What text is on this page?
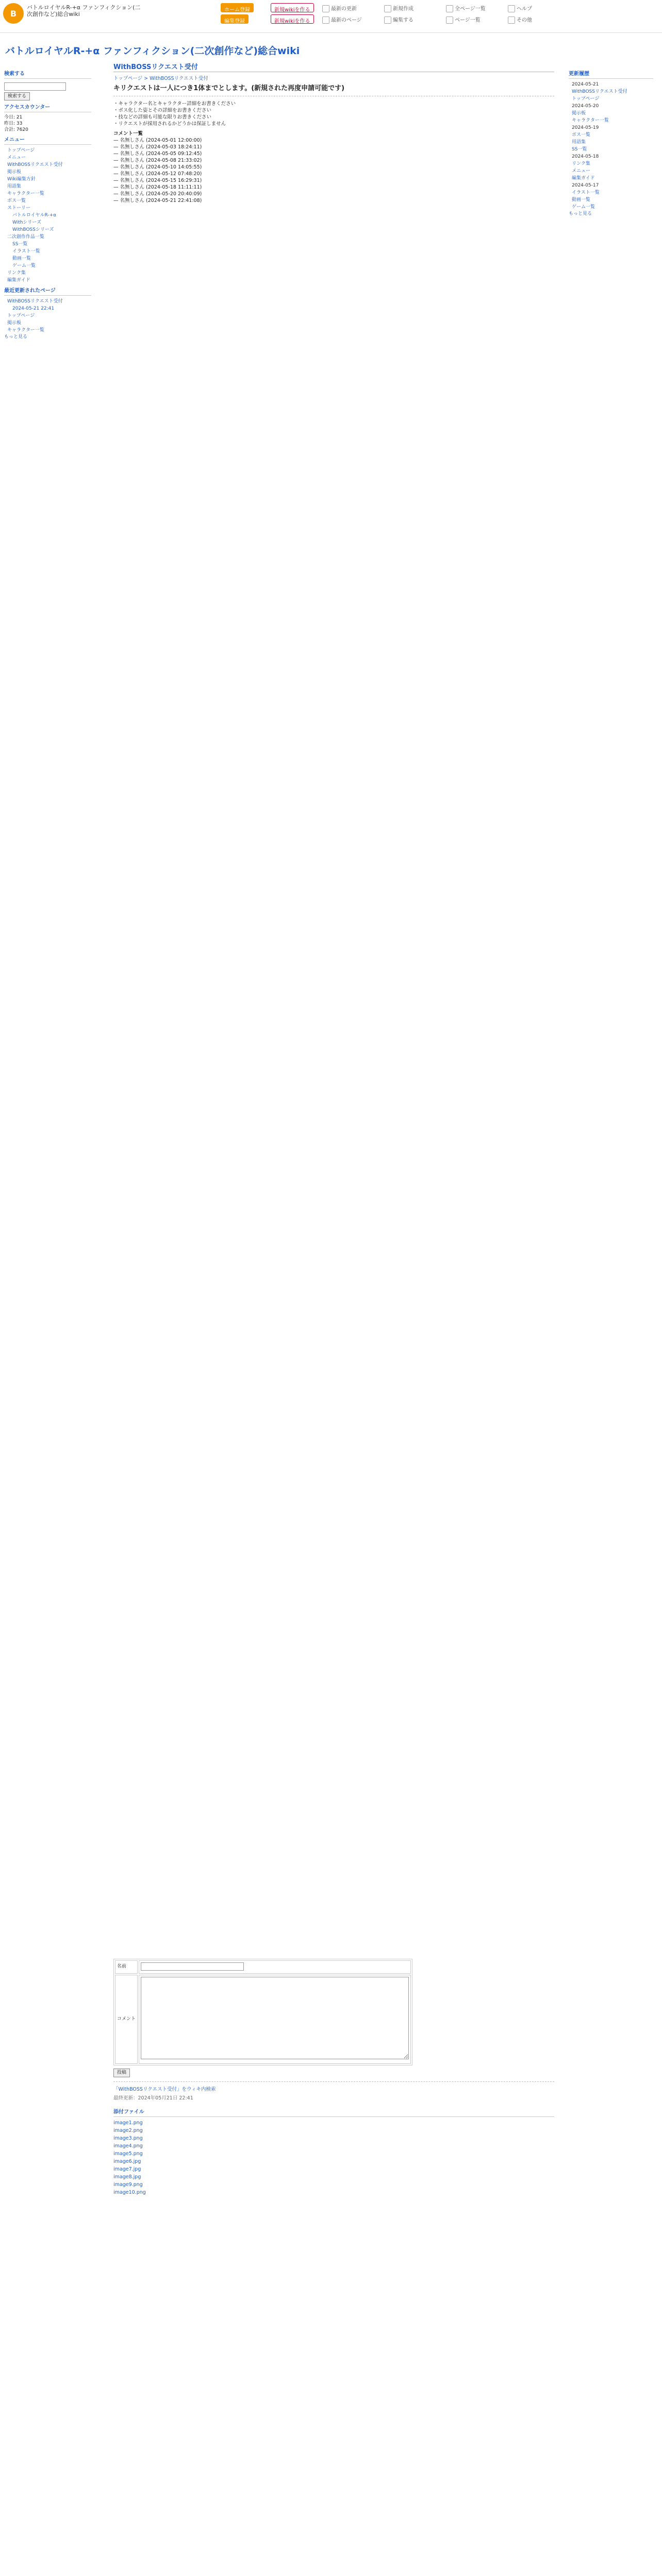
B
バトルロイヤルR-+α ファンフィクション(二次創作など)総合wiki
ホーム登録
編集登録
新規wikiを作る
新規wikiを作る
最新の更新
最新のページ
新規作成
編集する
全ページ一覧
ページ一覧
ヘルプ
その他
バトルロイヤルR-+α ファンフィクション(二次創作など)総合wiki
検索する
検索する
アクセスカウンター
今日: 21
昨日: 33
合計: 7620
メニュー
トップページ
メニュー
WithBOSSリクエスト受付
掲示板
Wiki編集方針
用語集
キャラクター一覧
ボス一覧
ストーリー
バトルロイヤルR-+α
Withシリーズ
WithBOSSシリーズ
二次創作作品一覧
SS一覧
イラスト一覧
動画一覧
ゲーム一覧
リンク集
編集ガイド
最近更新されたページ
WithBOSSリクエスト受付
2024-05-21 22:41
トップページ
掲示板
キャラクター一覧
もっと見る
WithBOSSリクエスト受付
トップページ > WithBOSSリクエスト受付
キリクエストは一人につき1体までとします。(新規された再度申請可能です)
・キャラクター名とキャラクター詳細をお書きください
・ボス化した姿とその詳細をお書きください
・技などの詳細も可能な限りお書きください
・リクエストが採用されるかどうかは保証しません
コメント一覧
— 名無しさん (2024-05-01 12:00:00)
— 名無しさん (2024-05-03 18:24:11)
— 名無しさん (2024-05-05 09:12:45)
— 名無しさん (2024-05-08 21:33:02)
— 名無しさん (2024-05-10 14:05:55)
— 名無しさん (2024-05-12 07:48:20)
— 名無しさん (2024-05-15 16:29:31)
— 名無しさん (2024-05-18 11:11:11)
— 名無しさん (2024-05-20 20:40:09)
— 名無しさん (2024-05-21 22:41:08)
名前	
コメント	
投稿
「WithBOSSリクエスト受付」をウィキ内検索
最終更新：2024年05月21日 22:41
添付ファイル
image1.png
image2.png
image3.png
image4.png
image5.png
image6.jpg
image7.jpg
image8.jpg
image9.png
image10.png
更新履歴
2024-05-21
WithBOSSリクエスト受付
トップページ
2024-05-20
掲示板
キャラクター一覧
2024-05-19
ボス一覧
用語集
SS一覧
2024-05-18
リンク集
メニュー
編集ガイド
2024-05-17
イラスト一覧
動画一覧
ゲーム一覧
もっと見る
